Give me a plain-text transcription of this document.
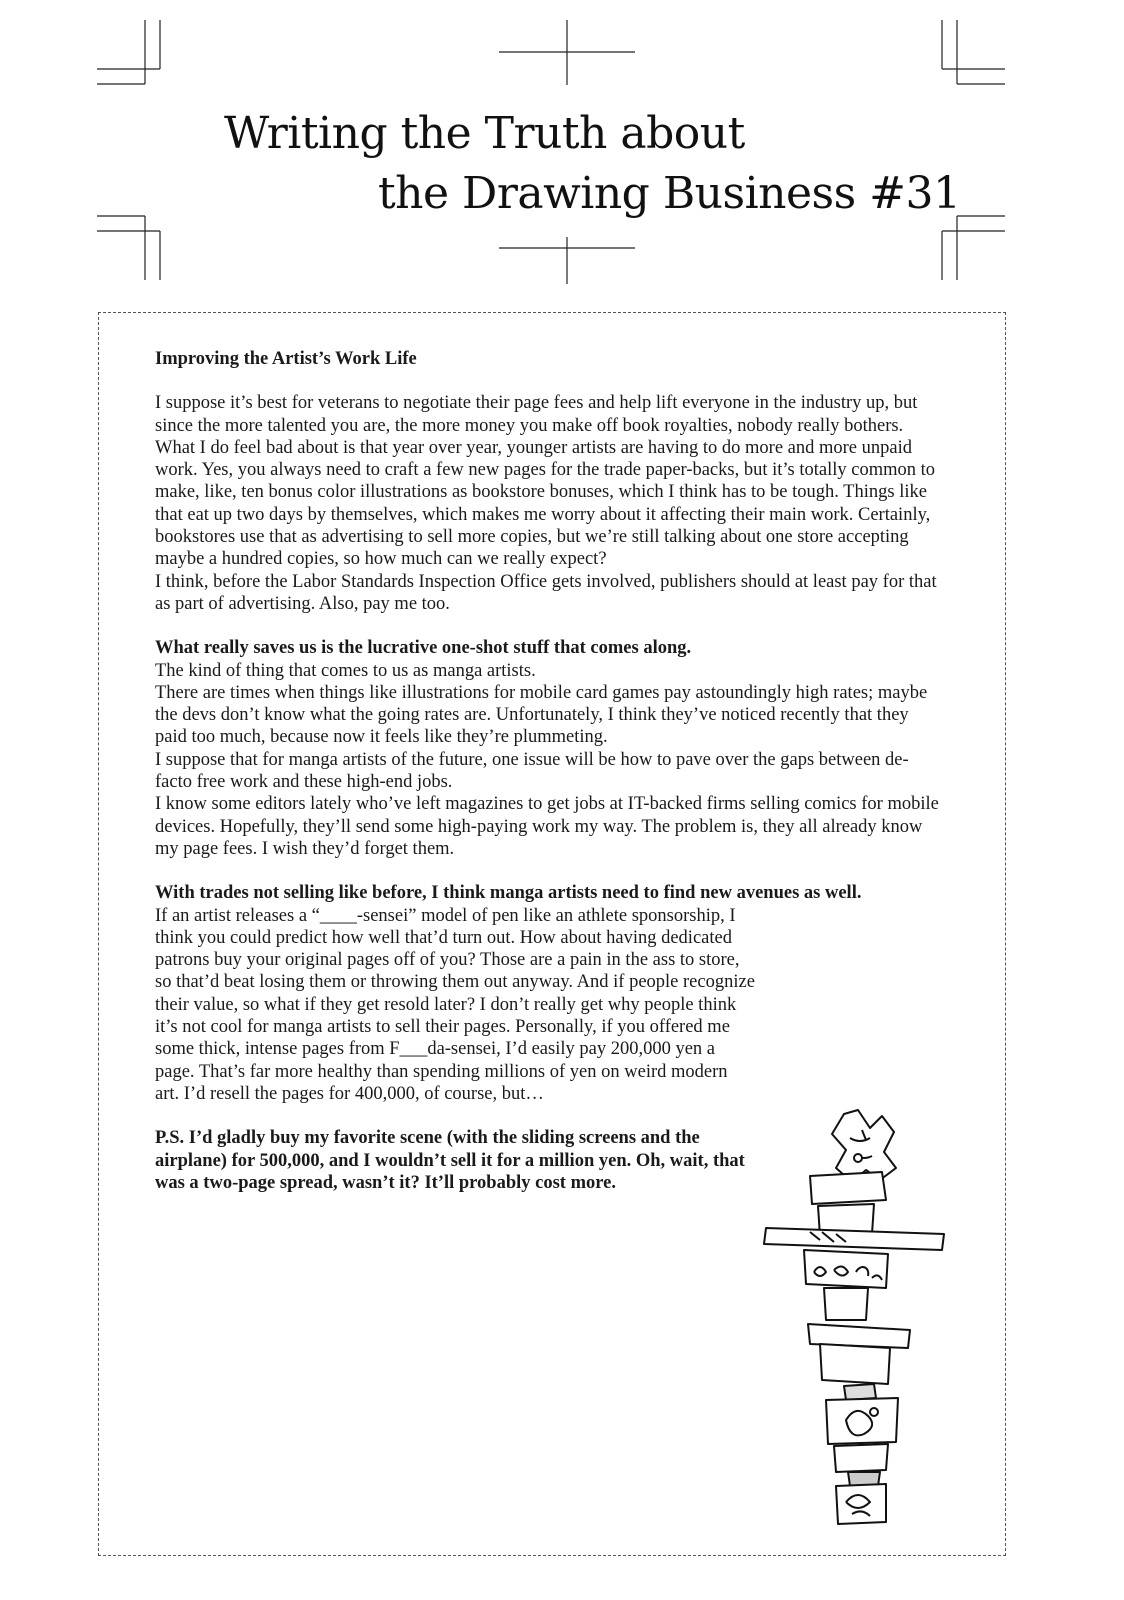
Writing the Truth about
the Drawing Business #31

Improving the Artist’s Work Life

I suppose it’s best for veterans to negotiate their page fees and help lift everyone in the industry up, but since the more talented you are, the more money you make off book royalties, nobody really bothers.

What I do feel bad about is that year over year, younger artists are having to do more and more unpaid work. Yes, you always need to craft a few new pages for the trade paper-backs, but it’s totally common to make, like, ten bonus color illustrations as bookstore bonuses, which I think has to be tough. Things like that eat up two days by themselves, which makes me worry about it affecting their main work. Certainly, bookstores use that as advertising to sell more copies, but we’re still talking about one store accepting maybe a hundred copies, so how much can we really expect?

I think, before the Labor Standards Inspection Office gets involved, publishers should at least pay for that as part of advertising. Also, pay me too.

What really saves us is the lucrative one-shot stuff that comes along.

The kind of thing that comes to us as manga artists.

There are times when things like illustrations for mobile card games pay astoundingly high rates; maybe the devs don’t know what the going rates are. Unfortunately, I think they’ve noticed recently that they paid too much, because now it feels like they’re plummeting.

I suppose that for manga artists of the future, one issue will be how to pave over the gaps between de-facto free work and these high-end jobs.

I know some editors lately who’ve left magazines to get jobs at IT-backed firms selling comics for mobile devices. Hopefully, they’ll send some high-paying work my way. The problem is, they all already know my page fees. I wish they’d forget them.

With trades not selling like before, I think manga artists need to find new avenues as well.

If an artist releases a “____-sensei” model of pen like an athlete sponsorship, I think you could predict how well that’d turn out. How about having dedicated patrons buy your original pages off of you? Those are a pain in the ass to store, so that’d beat losing them or throwing them out anyway. And if people recognize their value, so what if they get resold later? I don’t really get why people think it’s not cool for manga artists to sell their pages. Personally, if you offered me some thick, intense pages from F___da-sensei, I’d easily pay 200,000 yen a page. That’s far more healthy than spending millions of yen on weird modern art. I’d resell the pages for 400,000, of course, but…

P.S. I’d gladly buy my favorite scene (with the sliding screens and the airplane) for 500,000, and I wouldn’t sell it for a million yen. Oh, wait, that was a two-page spread, wasn’t it? It’ll probably cost more.
